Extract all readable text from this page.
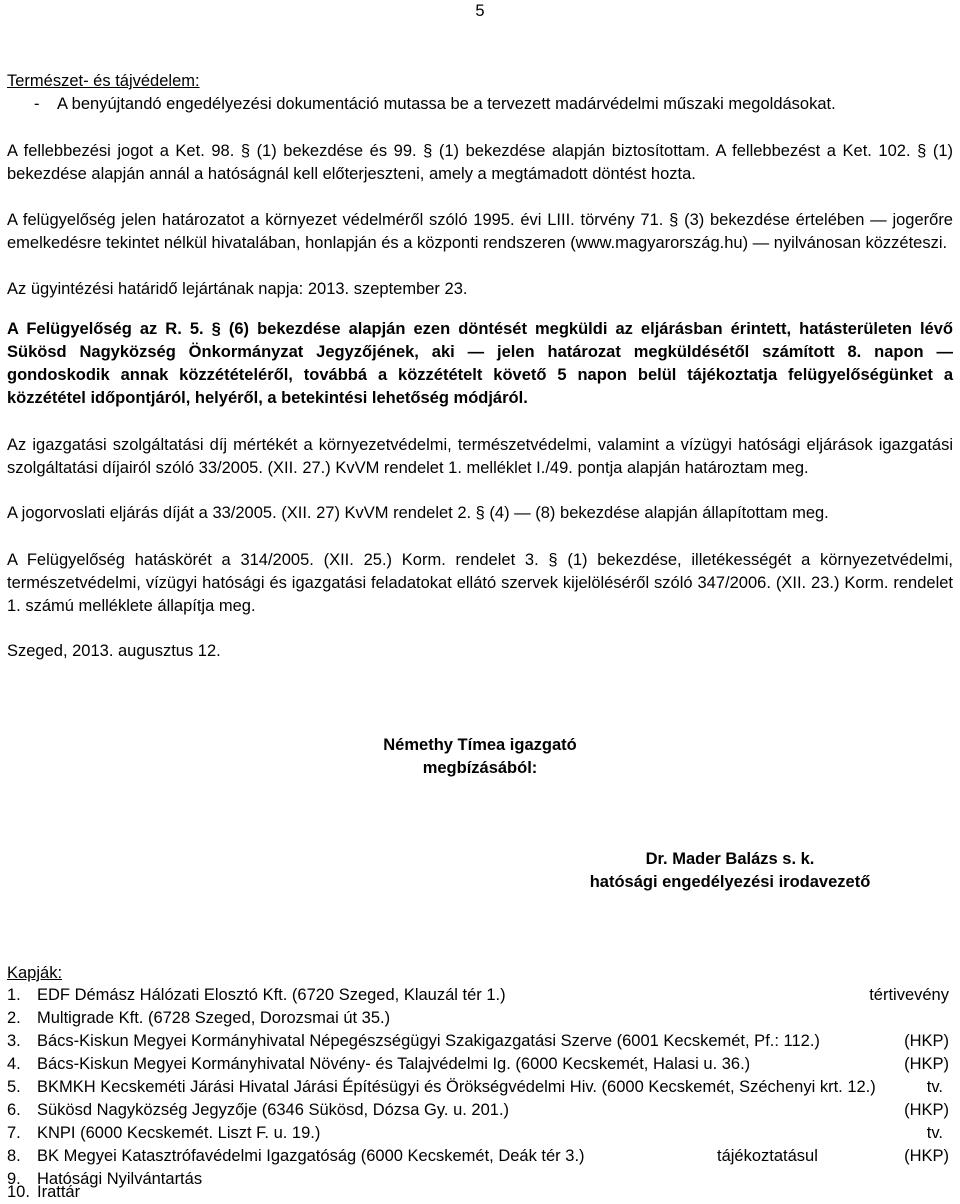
5
Természet- és tájvédelem:
- A benyújtandó engedélyezési dokumentáció mutassa be a tervezett madárvédelmi műszaki megoldásokat.

A fellebbezési jogot a Ket. 98. § (1) bekezdése és 99. § (1) bekezdése alapján biztosítottam. A fellebbezést a Ket. 102. § (1) bekezdése alapján annál a hatóságnál kell előterjeszteni, amely a megtámadott döntést hozta.

A felügyelőség jelen határozatot a környezet védelméről szóló 1995. évi LIII. törvény 71. § (3) bekezdése értelében — jogerőre emelkedésre tekintet nélkül hivatalában, honlapján és a központi rendszeren (www.magyarország.hu) — nyilvánosan közzéteszi.

Az ügyintézési határidő lejártának napja: 2013. szeptember 23.

A Felügyelőség az R. 5. § (6) bekezdése alapján ezen döntését megküldi az eljárásban érintett, hatásterületen lévő Sükösd Nagyközség Önkormányzat Jegyzőjének, aki — jelen határozat megküldésétől számított 8. napon — gondoskodik annak közzétételéről, továbbá a közzétételt követő 5 napon belül tájékoztatja felügyelőségünket a közzététel időpontjáról, helyéről, a betekintési lehetőség módjáról.

Az igazgatási szolgáltatási díj mértékét a környezetvédelmi, természetvédelmi, valamint a vízügyi hatósági eljárások igazgatási szolgáltatási díjairól szóló 33/2005. (XII. 27.) KvVM rendelet 1. melléklet I./49. pontja alapján határoztam meg.

A jogorvoslati eljárás díját a 33/2005. (XII. 27) KvVM rendelet 2. § (4) — (8) bekezdése alapján állapítottam meg.

A Felügyelőség hatáskörét a 314/2005. (XII. 25.) Korm. rendelet 3. § (1) bekezdése, illetékességét a környezetvédelmi, természetvédelmi, vízügyi hatósági és igazgatási feladatokat ellátó szervek kijelöléséről szóló 347/2006. (XII. 23.) Korm. rendelet 1. számú melléklete állapítja meg.

Szeged, 2013. augusztus 12.

Némethy Tímea igazgató

megbízásából:

Dr. Mader Balázs s. k.

hatósági engedélyezési irodavezető

Kapják:

1. EDF Démász Hálózati Elosztó Kft. (6720 Szeged, Klauzál tér 1.)	tértivevény
2. Multigrade Kft. (6728 Szeged, Dorozsmai út 35.)
3. Bács-Kiskun Megyei Kormányhivatal Népegészségügyi Szakigazgatási Szerve (6001 Kecskemét, Pf.: 112.)	(HKP)
4. Bács-Kiskun Megyei Kormányhivatal Növény- és Talajvédelmi Ig. (6000 Kecskemét, Halasi u. 36.)	(HKP)
5. BKMKH Kecskeméti Járási Hivatal Járási Építésügyi és Örökségvédelmi Hiv. (6000 Kecskemét, Széchenyi krt. 12.)	tv.
6. Sükösd Nagyközség Jegyzője (6346 Sükösd, Dózsa Gy. u. 201.)	(HKP)
7. KNPI (6000 Kecskemét. Liszt F. u. 19.)	tv.
8. BK Megyei Katasztrófavédelmi Igazgatóság (6000 Kecskemét, Deák tér 3.)	tájékoztatásul	(HKP)
9. Hatósági Nyilvántartás
10. Irattár
